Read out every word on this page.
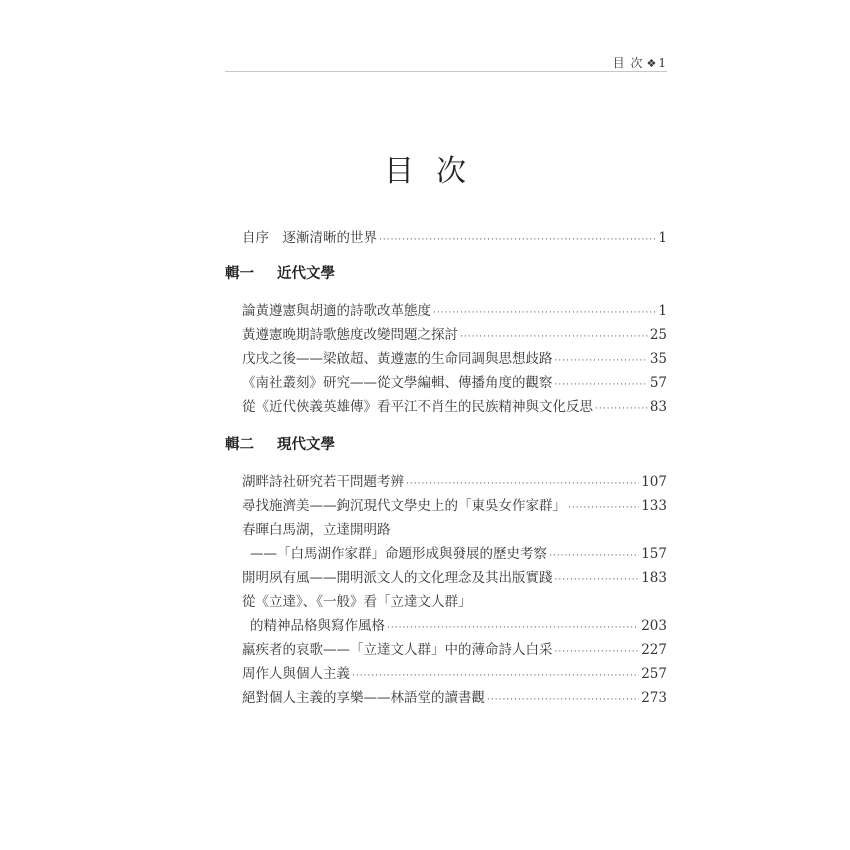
目 次 ❖1
目次
自序　逐漸清晰的世界 ·····	1
輯一	近代文學
論黃遵憲與胡適的詩歌改革態度 ·····	1
黃遵憲晚期詩歌態度改變問題之探討 ·····	25
戊戌之後——梁啟超、黃遵憲的生命同調與思想歧路 ·····	35
《南社叢刻》研究——從文學編輯、傳播角度的觀察 ·····	57
從《近代俠義英雄傳》看平江不肖生的民族精神與文化反思 ·····	83
輯二	現代文學
湖畔詩社研究若干問題考辨 ·····	107
尋找施濟美——鉤沉現代文學史上的「東吳女作家群」 ·····	133
春暉白馬湖，立達開明路
——「白馬湖作家群」命題形成與發展的歷史考察 ·····	157
開明夙有風——開明派文人的文化理念及其出版實踐 ·····	183
從《立達》、《一般》看「立達文人群」
的精神品格與寫作風格 ·····	203
羸疾者的哀歌——「立達文人群」中的薄命詩人白采 ·····	227
周作人與個人主義 ·····	257
絕對個人主義的享樂——林語堂的讀書觀 ·····	273
